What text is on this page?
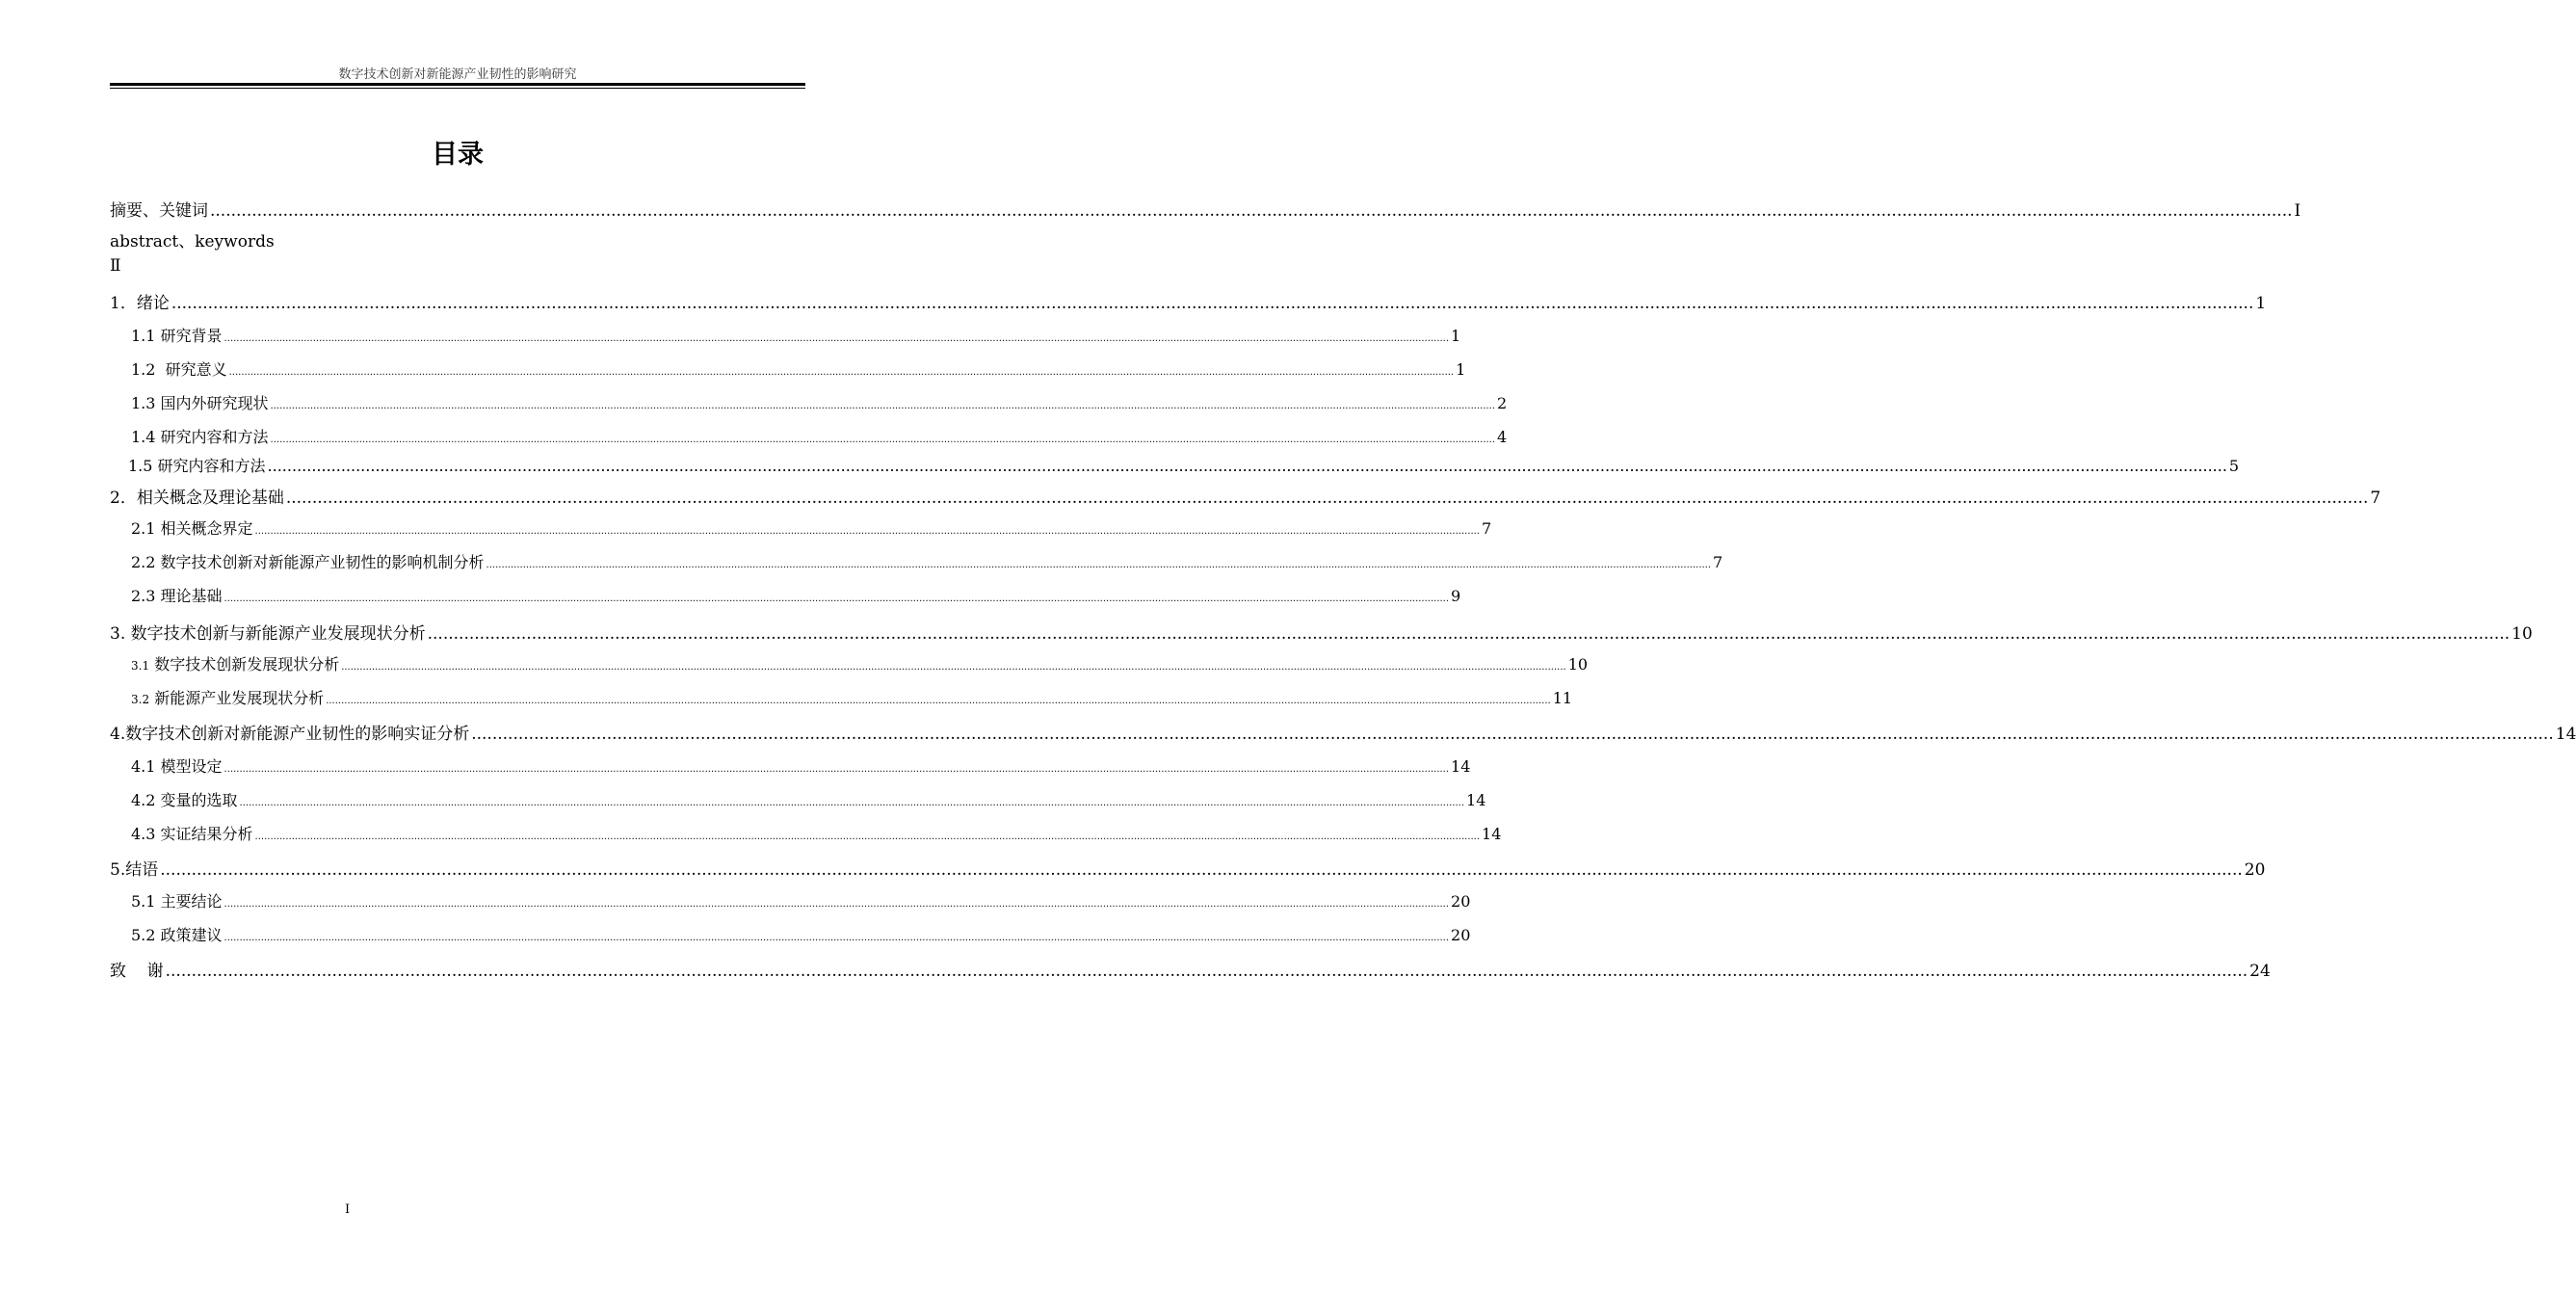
数字技术创新对新能源产业韧性的影响研究
目录
摘要、关键词 ................................................................................................................................................................................................................................................................................................................................................................................................................ I
abstract、keywords
Ⅱ
1．绪论 ................................................................................................................................................................................................................................................................................................................................................................................................................ 1
1.1 研究背景 ................................................................................................................................................................................................................................................................................................................................................................................................................ 1
1.2  研究意义 ................................................................................................................................................................................................................................................................................................................................................................................................................ 1
1.3 国内外研究现状 ................................................................................................................................................................................................................................................................................................................................................................................................................ 2
1.4 研究内容和方法 ................................................................................................................................................................................................................................................................................................................................................................................................................ 4
1.5 研究内容和方法 ................................................................................................................................................................................................................................................................................................................................................................................................................ 5
2．相关概念及理论基础 ................................................................................................................................................................................................................................................................................................................................................................................................................ 7
2.1 相关概念界定 ................................................................................................................................................................................................................................................................................................................................................................................................................ 7
2.2 数字技术创新对新能源产业韧性的影响机制分析 ................................................................................................................................................................................................................................................................................................................................................................................................................ 7
2.3 理论基础 ................................................................................................................................................................................................................................................................................................................................................................................................................ 9
3. 数字技术创新与新能源产业发展现状分析 ................................................................................................................................................................................................................................................................................................................................................................................................................ 10
3.1 数字技术创新发展现状分析 ................................................................................................................................................................................................................................................................................................................................................................................................................ 10
3.2 新能源产业发展现状分析 ................................................................................................................................................................................................................................................................................................................................................................................................................ 11
4.数字技术创新对新能源产业韧性的影响实证分析 ................................................................................................................................................................................................................................................................................................................................................................................................................ 14
4.1 模型设定 ................................................................................................................................................................................................................................................................................................................................................................................................................ 14
4.2 变量的选取 ................................................................................................................................................................................................................................................................................................................................................................................................................ 14
4.3 实证结果分析 ................................................................................................................................................................................................................................................................................................................................................................................................................ 14
5.结语 ................................................................................................................................................................................................................................................................................................................................................................................................................ 20
5.1 主要结论 ................................................................................................................................................................................................................................................................................................................................................................................................................ 20
5.2 政策建议 ................................................................................................................................................................................................................................................................................................................................................................................................................ 20
致    谢 ................................................................................................................................................................................................................................................................................................................................................................................................................ 24
I
